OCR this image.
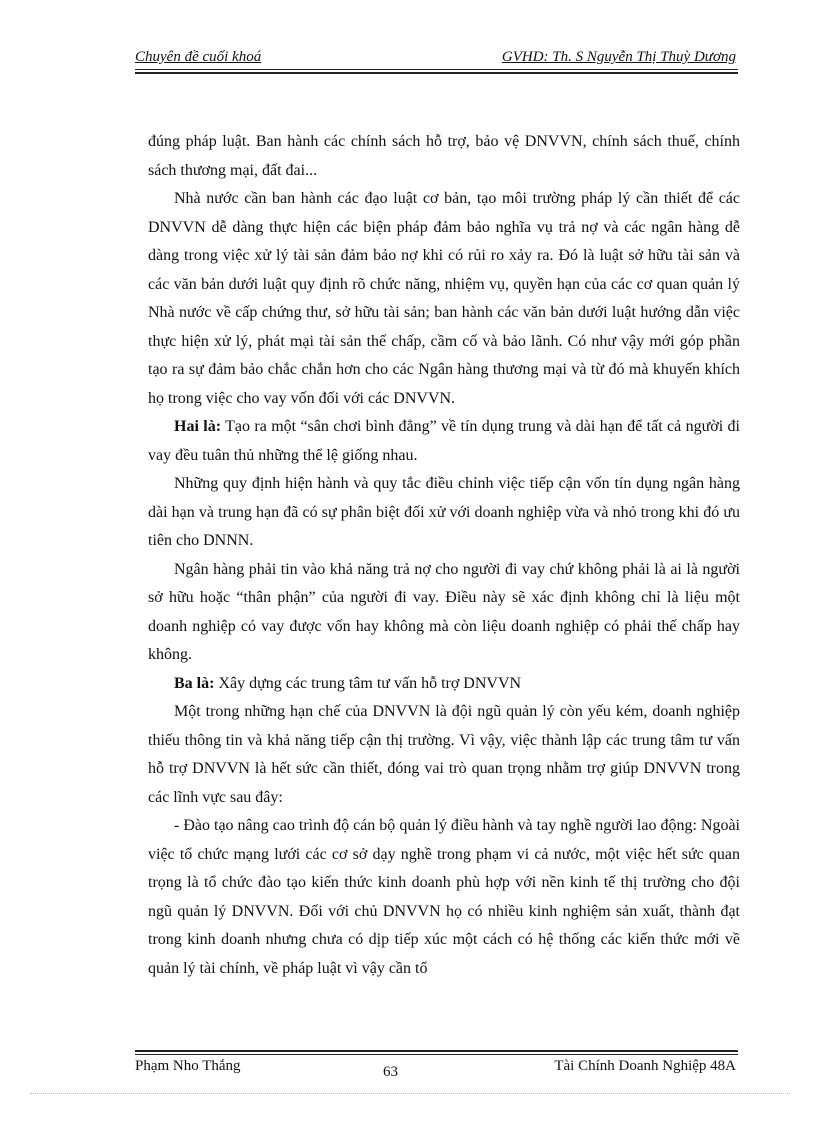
Chuyên đề cuối khoá	GVHD: Th. S Nguyễn Thị Thuỳ Dương

đúng pháp luật. Ban hành các chính sách hỗ trợ, bảo vệ DNVVN, chính sách thuế, chính sách thương mại, đất đai...

Nhà nước cần ban hành các đạo luật cơ bản, tạo môi trường pháp lý cần thiết để các DNVVN dễ dàng thực hiện các biện pháp đảm bảo nghĩa vụ trả nợ và các ngân hàng dễ dàng trong việc xử lý tài sản đảm bảo nợ khi có rủi ro xảy ra. Đó là luật sở hữu tài sản và các văn bản dưới luật quy định rõ chức năng, nhiệm vụ, quyền hạn của các cơ quan quản lý Nhà nước về cấp chứng thư, sở hữu tài sản; ban hành các văn bản dưới luật hướng dẫn việc thực hiện xử lý, phát mại tài sản thế chấp, cầm cố và bảo lãnh. Có như vậy mới góp phần tạo ra sự đảm bảo chắc chắn hơn cho các Ngân hàng thương mại và từ đó mà khuyến khích họ trong việc cho vay vốn đối với các DNVVN.

Hai là: Tạo ra một “sân chơi bình đẳng” về tín dụng trung và dài hạn để tất cả người đi vay đều tuân thủ những thể lệ giống nhau.

Những quy định hiện hành và quy tắc điều chỉnh việc tiếp cận vốn tín dụng ngân hàng dài hạn và trung hạn đã có sự phân biệt đối xử với doanh nghiệp vừa và nhỏ trong khi đó ưu tiên cho DNNN.

Ngân hàng phải tin vào khả năng trả nợ cho người đi vay chứ không phải là ai là người sở hữu hoặc “thân phận” của người đi vay. Điều này sẽ xác định không chỉ là liệu một doanh nghiệp có vay được vốn hay không mà còn liệu doanh nghiệp có phải thế chấp hay không.

Ba là: Xây dựng các trung tâm tư vấn hỗ trợ DNVVN

Một trong những hạn chế của DNVVN là đội ngũ quản lý còn yếu kém, doanh nghiệp thiếu thông tin và khả năng tiếp cận thị trường. Vì vậy, việc thành lập các trung tâm tư vấn hỗ trợ DNVVN là hết sức cần thiết, đóng vai trò quan trọng nhằm trợ giúp DNVVN trong các lĩnh vực sau đây:

- Đào tạo nâng cao trình độ cán bộ quản lý điều hành và tay nghề người lao động: Ngoài việc tổ chức mạng lưới các cơ sở dạy nghề trong phạm vi cả nước, một việc hết sức quan trọng là tổ chức đào tạo kiến thức kinh doanh phù hợp với nền kinh tế thị trường cho đội ngũ quản lý DNVVN. Đối với chủ DNVVN họ có nhiều kinh nghiệm sản xuất, thành đạt trong kinh doanh nhưng chưa có dịp tiếp xúc một cách có hệ thống các kiến thức mới về quản lý tài chính, về pháp luật vì vậy cần tổ

Phạm Nho Thắng	63	Tài Chính Doanh Nghiệp 48A
